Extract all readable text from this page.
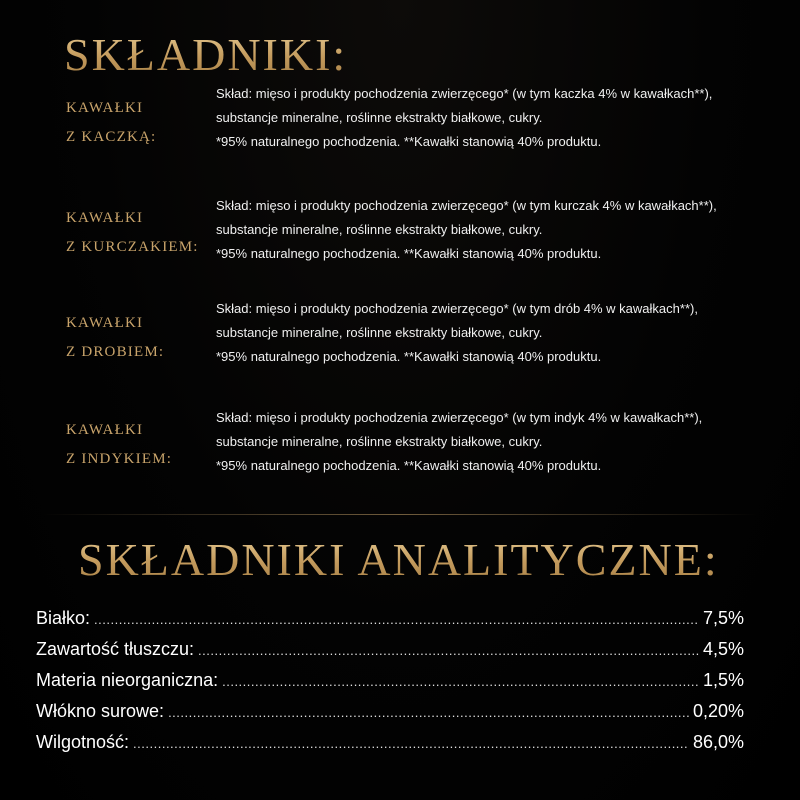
SKŁADNIKI:
KAWAŁKI
Z KACZKĄ:
Skład: mięso i produkty pochodzenia zwierzęcego* (w tym kaczka 4% w kawałkach**),
substancje mineralne, roślinne ekstrakty białkowe, cukry.
*95% naturalnego pochodzenia. **Kawałki stanowią 40% produktu.
KAWAŁKI
Z KURCZAKIEM:
Skład: mięso i produkty pochodzenia zwierzęcego* (w tym kurczak 4% w kawałkach**),
substancje mineralne, roślinne ekstrakty białkowe, cukry.
*95% naturalnego pochodzenia. **Kawałki stanowią 40% produktu.
KAWAŁKI
Z DROBIEM:
Skład: mięso i produkty pochodzenia zwierzęcego* (w tym drób 4% w kawałkach**),
substancje mineralne, roślinne ekstrakty białkowe, cukry.
*95% naturalnego pochodzenia. **Kawałki stanowią 40% produktu.
KAWAŁKI
Z INDYKIEM:
Skład: mięso i produkty pochodzenia zwierzęcego* (w tym indyk 4% w kawałkach**),
substancje mineralne, roślinne ekstrakty białkowe, cukry.
*95% naturalnego pochodzenia. **Kawałki stanowią 40% produktu.
SKŁADNIKI ANALITYCZNE:
Białko: .....	7,5%
Zawartość tłuszczu: .....	4,5%
Materia nieorganiczna: .....	1,5%
Włókno surowe: .....	0,20%
Wilgotność: .....	86,0%
